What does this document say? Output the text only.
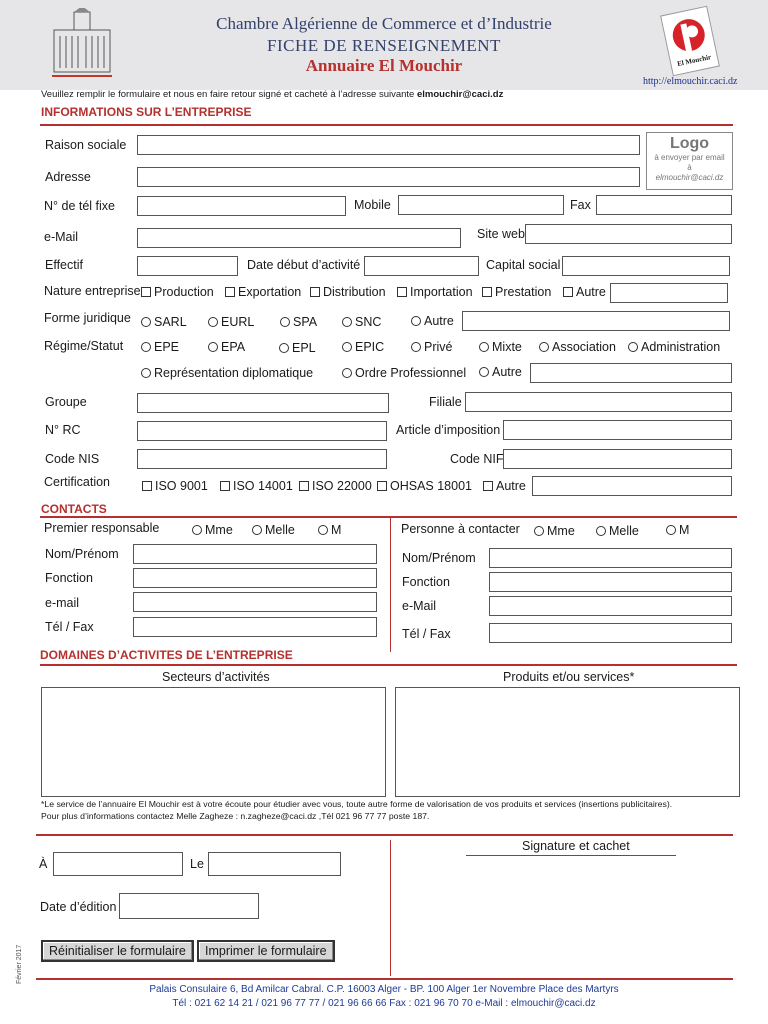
Chambre Algérienne de Commerce et d’Industrie
FICHE DE RENSEIGNEMENT
Annuaire El Mouchir	El Mouchir
http://elmouchir.caci.dz
Veuillez remplir le formulaire et nous en faire retour signé et cacheté à l’adresse suivante elmouchir@caci.dz
INFORMATIONS SUR L’ENTREPRISE
Raison sociale	Logo
à envoyer par email
à
elmouchir@caci.dz
Adresse
N° de tél fixe	Mobile	Fax
e-Mail	Site web
Effectif	Date début d’activité	Capital social
Nature entreprise Production Exportation Distribution Importation Prestation Autre
Forme juridique SARL	EURL	SPA	SNC	Autre
Régime/Statut EPE	EPA	EPL	EPIC	Privé	Mixte Association Administration
Représentation diplomatique	Ordre Professionnel Autre
Groupe	Filiale
N° RC	Article d’imposition
Code NIS	Code NIF
Certification	ISO 9001 ISO 14001 ISO 22000 OHSAS 18001 Autre
CONTACTS
Premier responsable	Mme	Melle	M
Nom/Prénom
Fonction
e-mail
Tél / Fax
Personne à contacter Mme	Melle	M
Nom/Prénom
Fonction
e-Mail
Tél / Fax
DOMAINES D’ACTIVITES DE L’ENTREPRISE
Secteurs d’activités	Produits et/ou services*
*Le service de l’annuaire El Mouchir est à votre écoute pour étudier avec vous, toute autre forme de valorisation de vos produits et services (insertions publicitaires).
Pour plus d’informations contactez Melle Zagheze : n.zagheze@caci.dz ,Tél 021 96 77 77 poste 187.
À	Le
Date d’édition
Signature et cachet
Réinitialiser le formulaire	Imprimer le formulaire
Février 2017
Palais Consulaire 6, Bd Amilcar Cabral. C.P. 16003 Alger - BP. 100 Alger 1er Novembre Place des Martyrs
Tél : 021 62 14 21 / 021 96 77 77 / 021 96 66 66 Fax : 021 96 70 70 e-Mail : elmouchir@caci.dz
